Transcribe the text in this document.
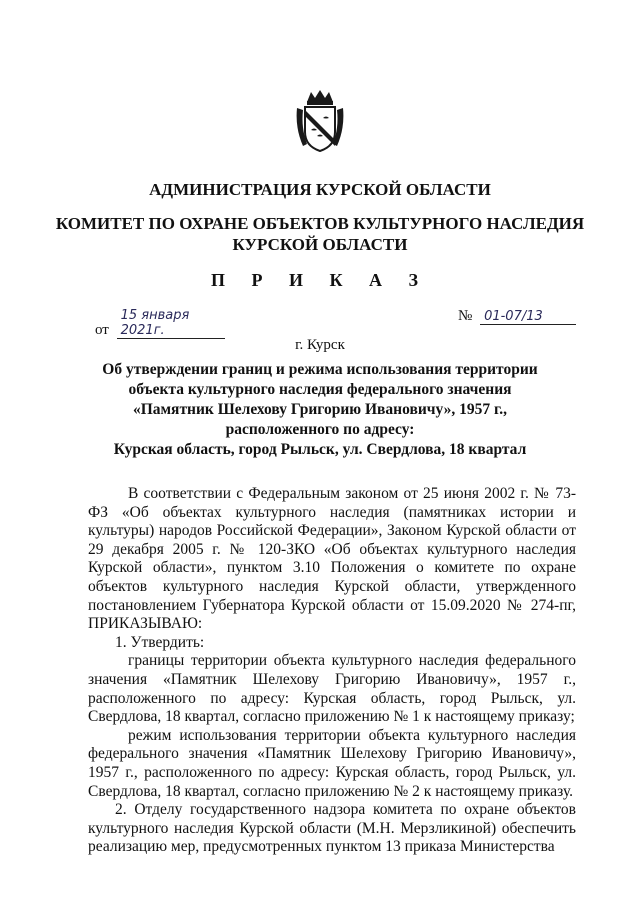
АДМИНИСТРАЦИЯ КУРСКОЙ ОБЛАСТИ
КОМИТЕТ ПО ОХРАНЕ ОБЪЕКТОВ КУЛЬТУРНОГО НАСЛЕДИЯ
КУРСКОЙ ОБЛАСТИ
П Р И К А З
от 15 января 2021г.
№ 01-07/13
г. Курск
Об утверждении границ и режима использования территории
объекта культурного наследия федерального значения
«Памятник Шелехову Григорию Ивановичу», 1957 г.,
расположенного по адресу:
Курская область, город Рыльск, ул. Свердлова, 18 квартал

В соответствии с Федеральным законом от 25 июня 2002 г. № 73-ФЗ «Об объектах культурного наследия (памятниках истории и культуры) народов Российской Федерации», Законом Курской области от 29 декабря 2005 г. № 120-ЗКО «Об объектах культурного наследия Курской области», пунктом 3.10 Положения о комитете по охране объектов культурного наследия Курской области, утвержденного постановлением Губернатора Курской области от 15.09.2020 № 274-пг, ПРИКАЗЫВАЮ:

1. Утвердить:

границы территории объекта культурного наследия федерального значения «Памятник Шелехову Григорию Ивановичу», 1957 г., расположенного по адресу: Курская область, город Рыльск, ул. Свердлова, 18 квартал, согласно приложению № 1 к настоящему приказу;

режим использования территории объекта культурного наследия федерального значения «Памятник Шелехову Григорию Ивановичу», 1957 г., расположенного по адресу: Курская область, город Рыльск, ул. Свердлова, 18 квартал, согласно приложению № 2 к настоящему приказу.

2. Отделу государственного надзора комитета по охране объектов культурного наследия Курской области (М.Н. Мерзликиной) обеспечить реализацию мер, предусмотренных пунктом 13 приказа Министерства
